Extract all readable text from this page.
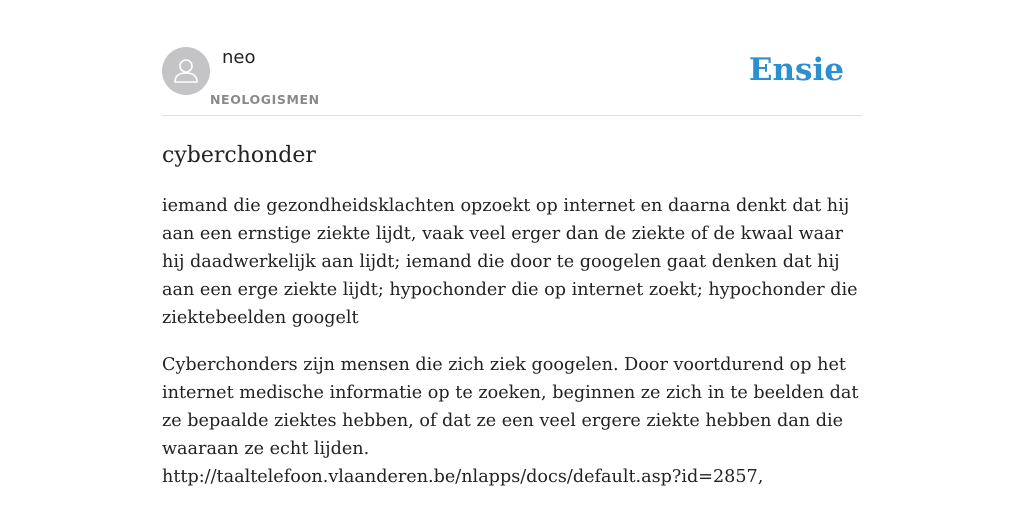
neo
NEOLOGISMEN
Ensie
cyberchonder

iemand die gezondheidsklachten opzoekt op internet en daarna denkt dat hij aan een ernstige ziekte lijdt, vaak veel erger dan de ziekte of de kwaal waar hij daadwerkelijk aan lijdt; iemand die door te googelen gaat denken dat hij aan een erge ziekte lijdt; hypochonder die op internet zoekt; hypochonder die ziektebeelden googelt

Cyberchonders zijn mensen die zich ziek googelen. Door voortdurend op het internet medische informatie op te zoeken, beginnen ze zich in te beelden dat ze bepaalde ziektes hebben, of dat ze een veel ergere ziekte hebben dan die waaraan ze echt lijden.
http://taaltelefoon.vlaanderen.be/nlapps/docs/default.asp?id=2857,
